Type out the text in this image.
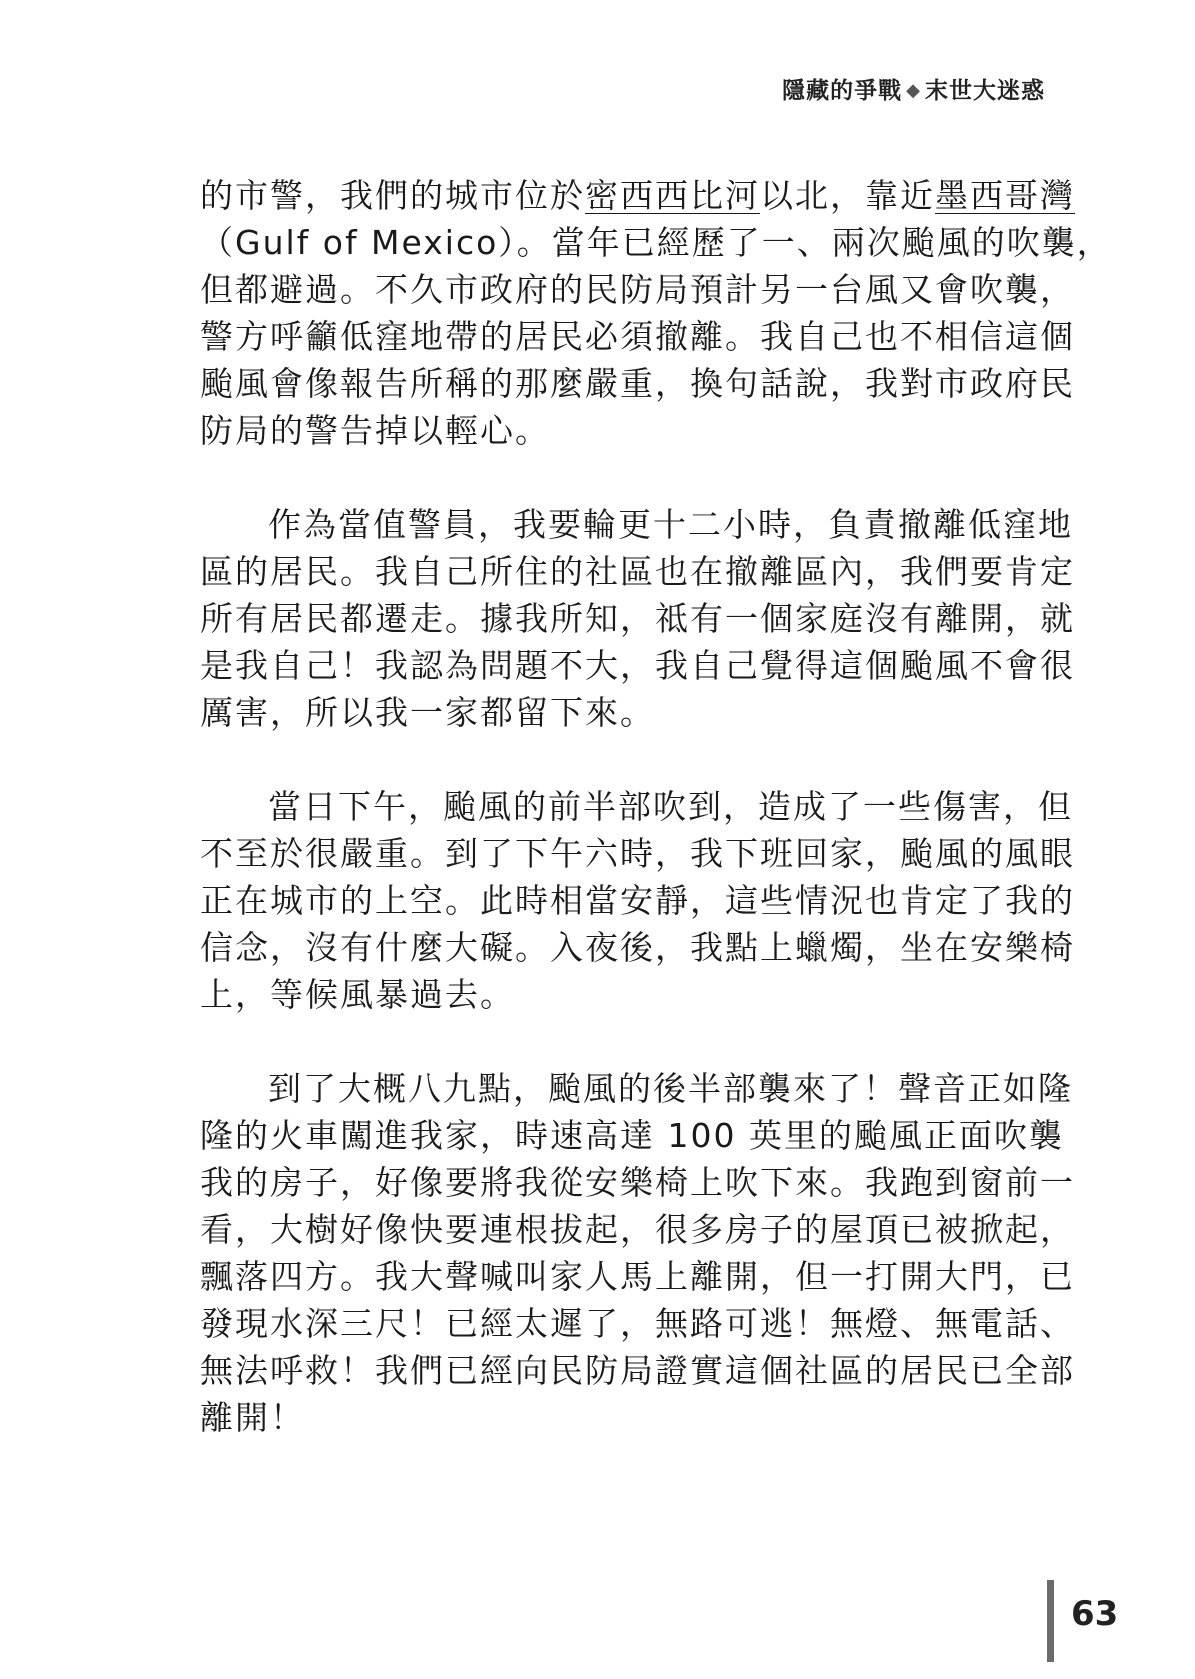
隱藏的爭戰 ◆ 末世大迷惑

的市警，我們的城市位於密西西比河以北，靠近墨西哥灣
（Gulf of Mexico）。當年已經歷了一、兩次颱風的吹襲，
但都避過。不久市政府的民防局預計另一台風又會吹襲，
警方呼籲低窪地帶的居民必須撤離。我自己也不相信這個
颱風會像報告所稱的那麼嚴重，換句話說，我對市政府民
防局的警告掉以輕心。

作為當值警員，我要輪更十二小時，負責撤離低窪地
區的居民。我自己所住的社區也在撤離區內，我們要肯定
所有居民都遷走。據我所知，祗有一個家庭沒有離開，就
是我自己！我認為問題不大，我自己覺得這個颱風不會很
厲害，所以我一家都留下來。

當日下午，颱風的前半部吹到，造成了一些傷害，但
不至於很嚴重。到了下午六時，我下班回家，颱風的風眼
正在城市的上空。此時相當安靜，這些情況也肯定了我的
信念，沒有什麼大礙。入夜後，我點上蠟燭，坐在安樂椅
上，等候風暴過去。

到了大概八九點，颱風的後半部襲來了！聲音正如隆
隆的火車闖進我家，時速高達 100 英里的颱風正面吹襲
我的房子，好像要將我從安樂椅上吹下來。我跑到窗前一
看，大樹好像快要連根拔起，很多房子的屋頂已被掀起，
飄落四方。我大聲喊叫家人馬上離開，但一打開大門，已
發現水深三尺！已經太遲了，無路可逃！無燈、無電話、
無法呼救！我們已經向民防局證實這個社區的居民已全部
離開！

63
